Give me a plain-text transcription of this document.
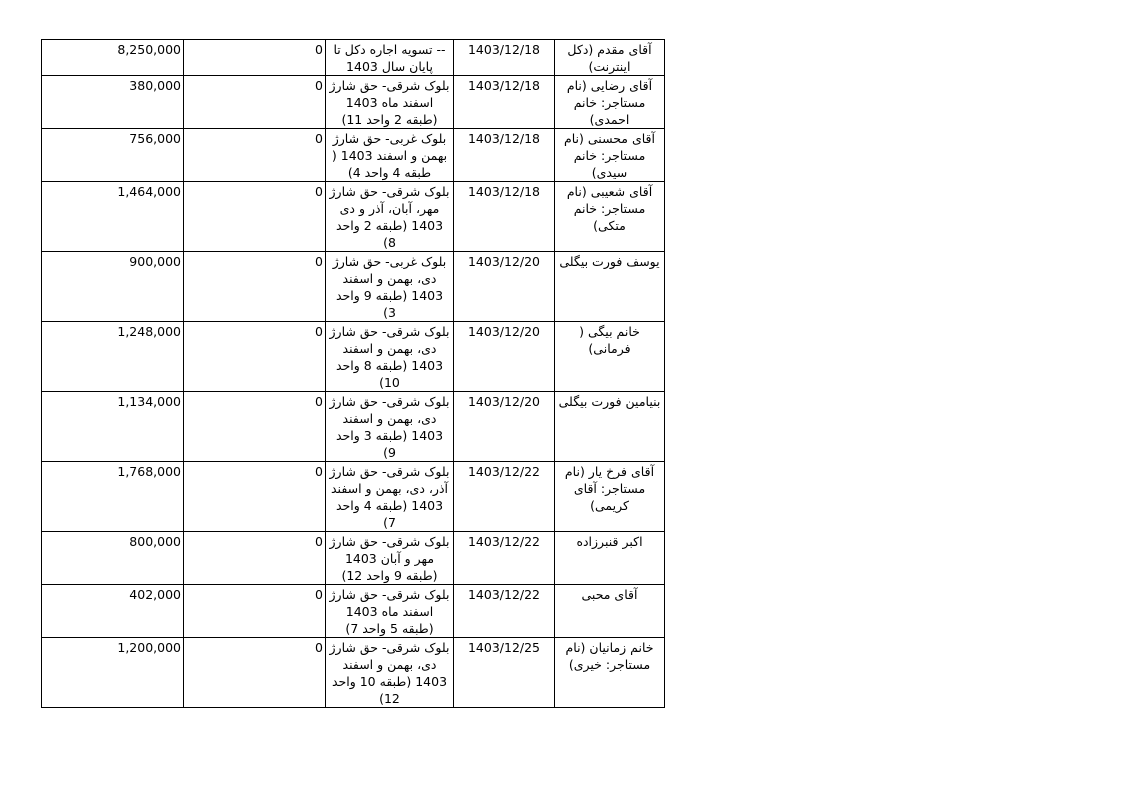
8,250,000	0	-- تسویه اجاره دکل تا پایان سال 1403	1403/12/18	آقای مقدم (دکل اینترنت)
380,000	0	بلوک شرقی- حق شارژ اسفند ماه 1403 (طبقه 2 واحد 11)	1403/12/18	آقای رضایی (نام مستاجر: خانم احمدی)
756,000	0	بلوک غربی- حق شارژ بهمن و اسفند 1403 ( طبقه 4 واحد 4)	1403/12/18	آقای محسنی (نام مستاجر: خانم سیدی)
1,464,000	0	بلوک شرقی- حق شارژ مهر، آبان، آذر و دی 1403 (طبقه 2 واحد 8)	1403/12/18	آقای شعیبی (نام مستاجر: خانم متکی)
900,000	0	بلوک غربی- حق شارژ دی، بهمن و اسفند 1403 (طبقه 9 واحد 3)	1403/12/20	یوسف فورت بیگلی
1,248,000	0	بلوک شرقی- حق شارژ دی، بهمن و اسفند 1403 (طبقه 8 واحد 10)	1403/12/20	خانم بیگی ( فرمانی)
1,134,000	0	بلوک شرقی- حق شارژ دی، بهمن و اسفند 1403 (طبقه 3 واحد 9)	1403/12/20	بنیامین فورت بیگلی
1,768,000	0	بلوک شرقی- حق شارژ آذر، دی، بهمن و اسفند 1403 (طبقه 4 واحد 7)	1403/12/22	آقای فرخ یار (نام مستاجر: آقای کریمی)
800,000	0	بلوک شرقی- حق شارژ مهر و آبان 1403 (طبقه 9 واحد 12)	1403/12/22	اکبر قنبرزاده
402,000	0	بلوک شرقی- حق شارژ اسفند ماه 1403 (طبقه 5 واحد 7)	1403/12/22	آقای محبی
1,200,000	0	بلوک شرقی- حق شارژ دی، بهمن و اسفند 1403 (طبقه 10 واحد 12)	1403/12/25	خانم زمانیان (نام مستاجر: خیری)
